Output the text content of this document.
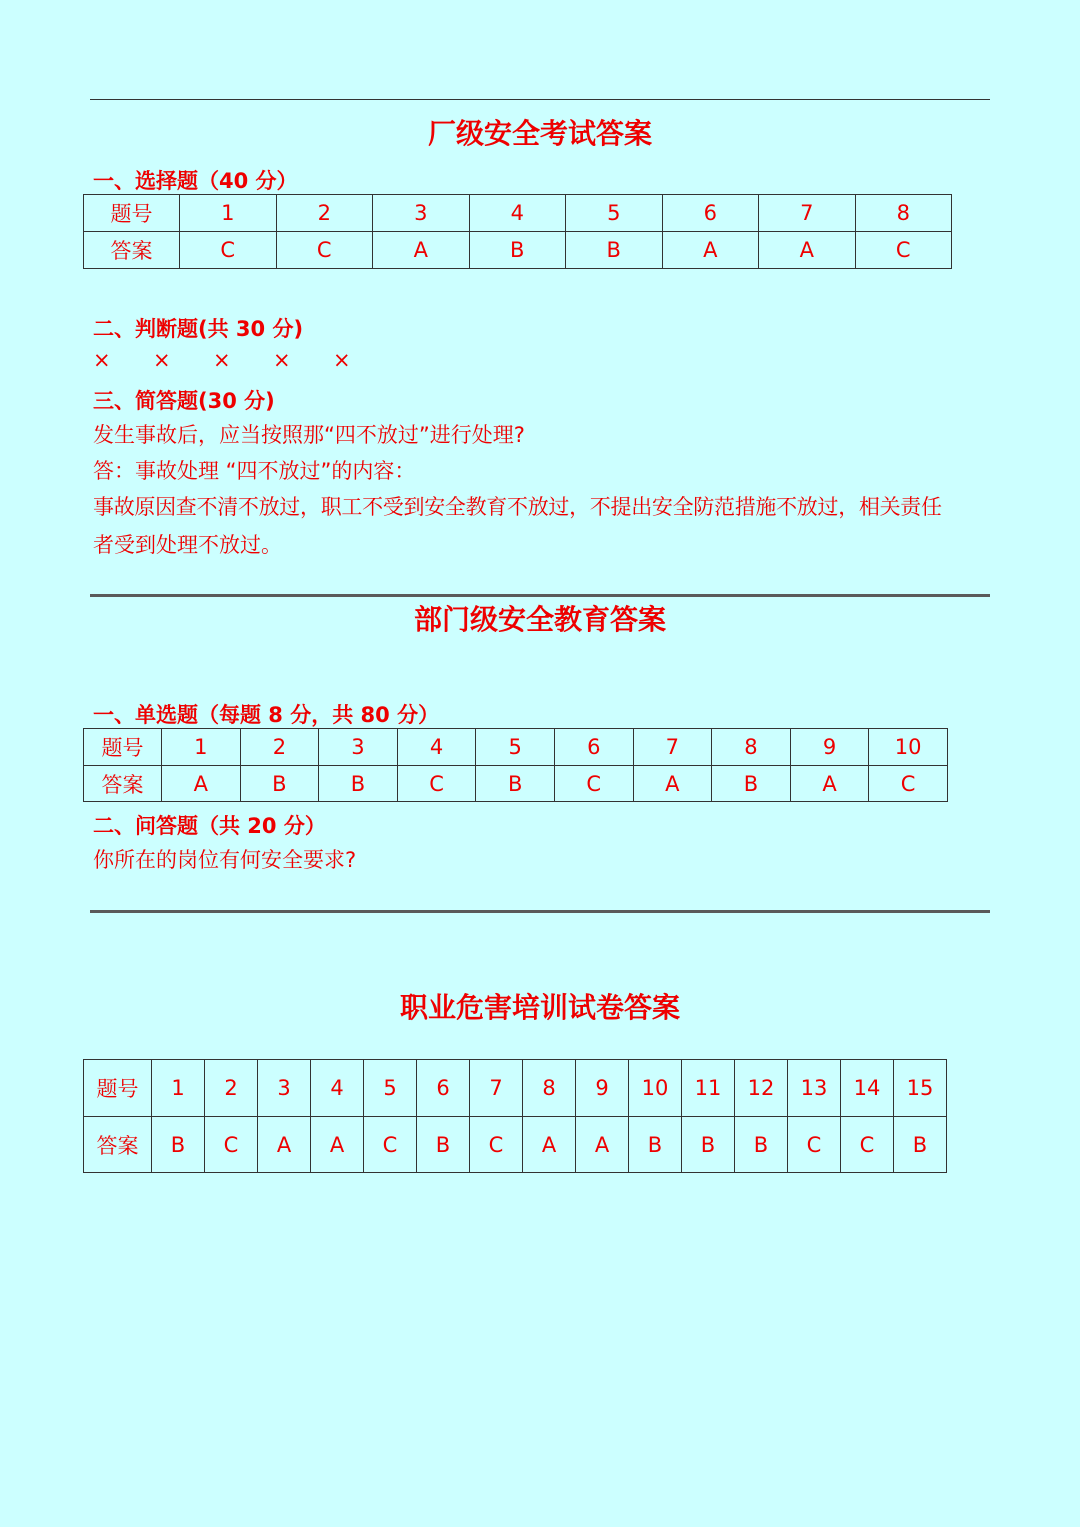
厂级安全考试答案
一、选择题（40 分）
题号	1	2	3	4	5	6	7	8
答案	C	C	A	B	B	A	A	C
二、判断题(共 30 分)
× × × × ×
三、简答题(30 分)
发生事故后，应当按照那“四不放过”进行处理?
答：事故处理 “四不放过”的内容：
事故原因查不清不放过，职工不受到安全教育不放过，不提出安全防范措施不放过，相关责任
者受到处理不放过。
部门级安全教育答案
一、单选题（每题 8 分，共 80 分）
题号	1	2	3	4	5	6	7	8	9	10
答案	A	B	B	C	B	C	A	B	A	C
二、问答题（共 20 分）
你所在的岗位有何安全要求?
职业危害培训试卷答案
题号	1	2	3	4	5	6	7	8	9	10	11	12	13	14	15
答案	B	C	A	A	C	B	C	A	A	B	B	B	C	C	B
